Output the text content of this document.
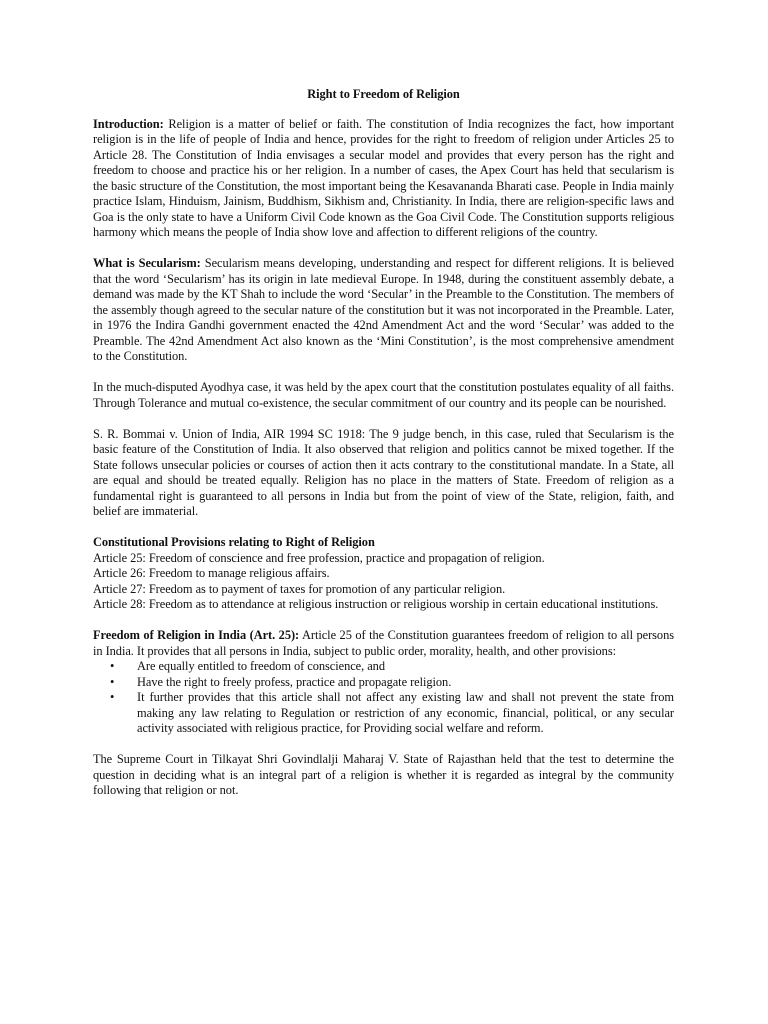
Right to Freedom of Religion

Introduction: Religion is a matter of belief or faith. The constitution of India recognizes the fact, how important religion is in the life of people of India and hence, provides for the right to freedom of religion under Articles 25 to Article 28. The Constitution of India envisages a secular model and provides that every person has the right and freedom to choose and practice his or her religion. In a number of cases, the Apex Court has held that secularism is the basic structure of the Constitution, the most important being the Kesavananda Bharati case. People in India mainly practice Islam, Hinduism, Jainism, Buddhism, Sikhism and, Christianity. In India, there are religion-specific laws and Goa is the only state to have a Uniform Civil Code known as the Goa Civil Code. The Constitution supports religious harmony which means the people of India show love and affection to different religions of the country.

What is Secularism: Secularism means developing, understanding and respect for different religions. It is believed that the word ‘Secularism’ has its origin in late medieval Europe. In 1948, during the constituent assembly debate, a demand was made by the KT Shah to include the word ‘Secular’ in the Preamble to the Constitution. The members of the assembly though agreed to the secular nature of the constitution but it was not incorporated in the Preamble. Later, in 1976 the Indira Gandhi government enacted the 42nd Amendment Act and the word ‘Secular’ was added to the Preamble. The 42nd Amendment Act also known as the ‘Mini Constitution’, is the most comprehensive amendment to the Constitution.

In the much-disputed Ayodhya case, it was held by the apex court that the constitution postulates equality of all faiths. Through Tolerance and mutual co-existence, the secular commitment of our country and its people can be nourished.

S. R. Bommai v. Union of India, AIR 1994 SC 1918: The 9 judge bench, in this case, ruled that Secularism is the basic feature of the Constitution of India. It also observed that religion and politics cannot be mixed together. If the State follows unsecular policies or courses of action then it acts contrary to the constitutional mandate. In a State, all are equal and should be treated equally. Religion has no place in the matters of State. Freedom of religion as a fundamental right is guaranteed to all persons in India but from the point of view of the State, religion, faith, and belief are immaterial.

Constitutional Provisions relating to Right of Religion

Article 25: Freedom of conscience and free profession, practice and propagation of religion.

Article 26: Freedom to manage religious affairs.

Article 27: Freedom as to payment of taxes for promotion of any particular religion.

Article 28: Freedom as to attendance at religious instruction or religious worship in certain educational institutions.

Freedom of Religion in India (Art. 25): Article 25 of the Constitution guarantees freedom of religion to all persons in India. It provides that all persons in India, subject to public order, morality, health, and other provisions:

• Are equally entitled to freedom of conscience, and
• Have the right to freely profess, practice and propagate religion.
• It further provides that this article shall not affect any existing law and shall not prevent the state from making any law relating to Regulation or restriction of any economic, financial, political, or any secular activity associated with religious practice, for Providing social welfare and reform.

The Supreme Court in Tilkayat Shri Govindlalji Maharaj V. State of Rajasthan held that the test to determine the question in deciding what is an integral part of a religion is whether it is regarded as integral by the community following that religion or not.
